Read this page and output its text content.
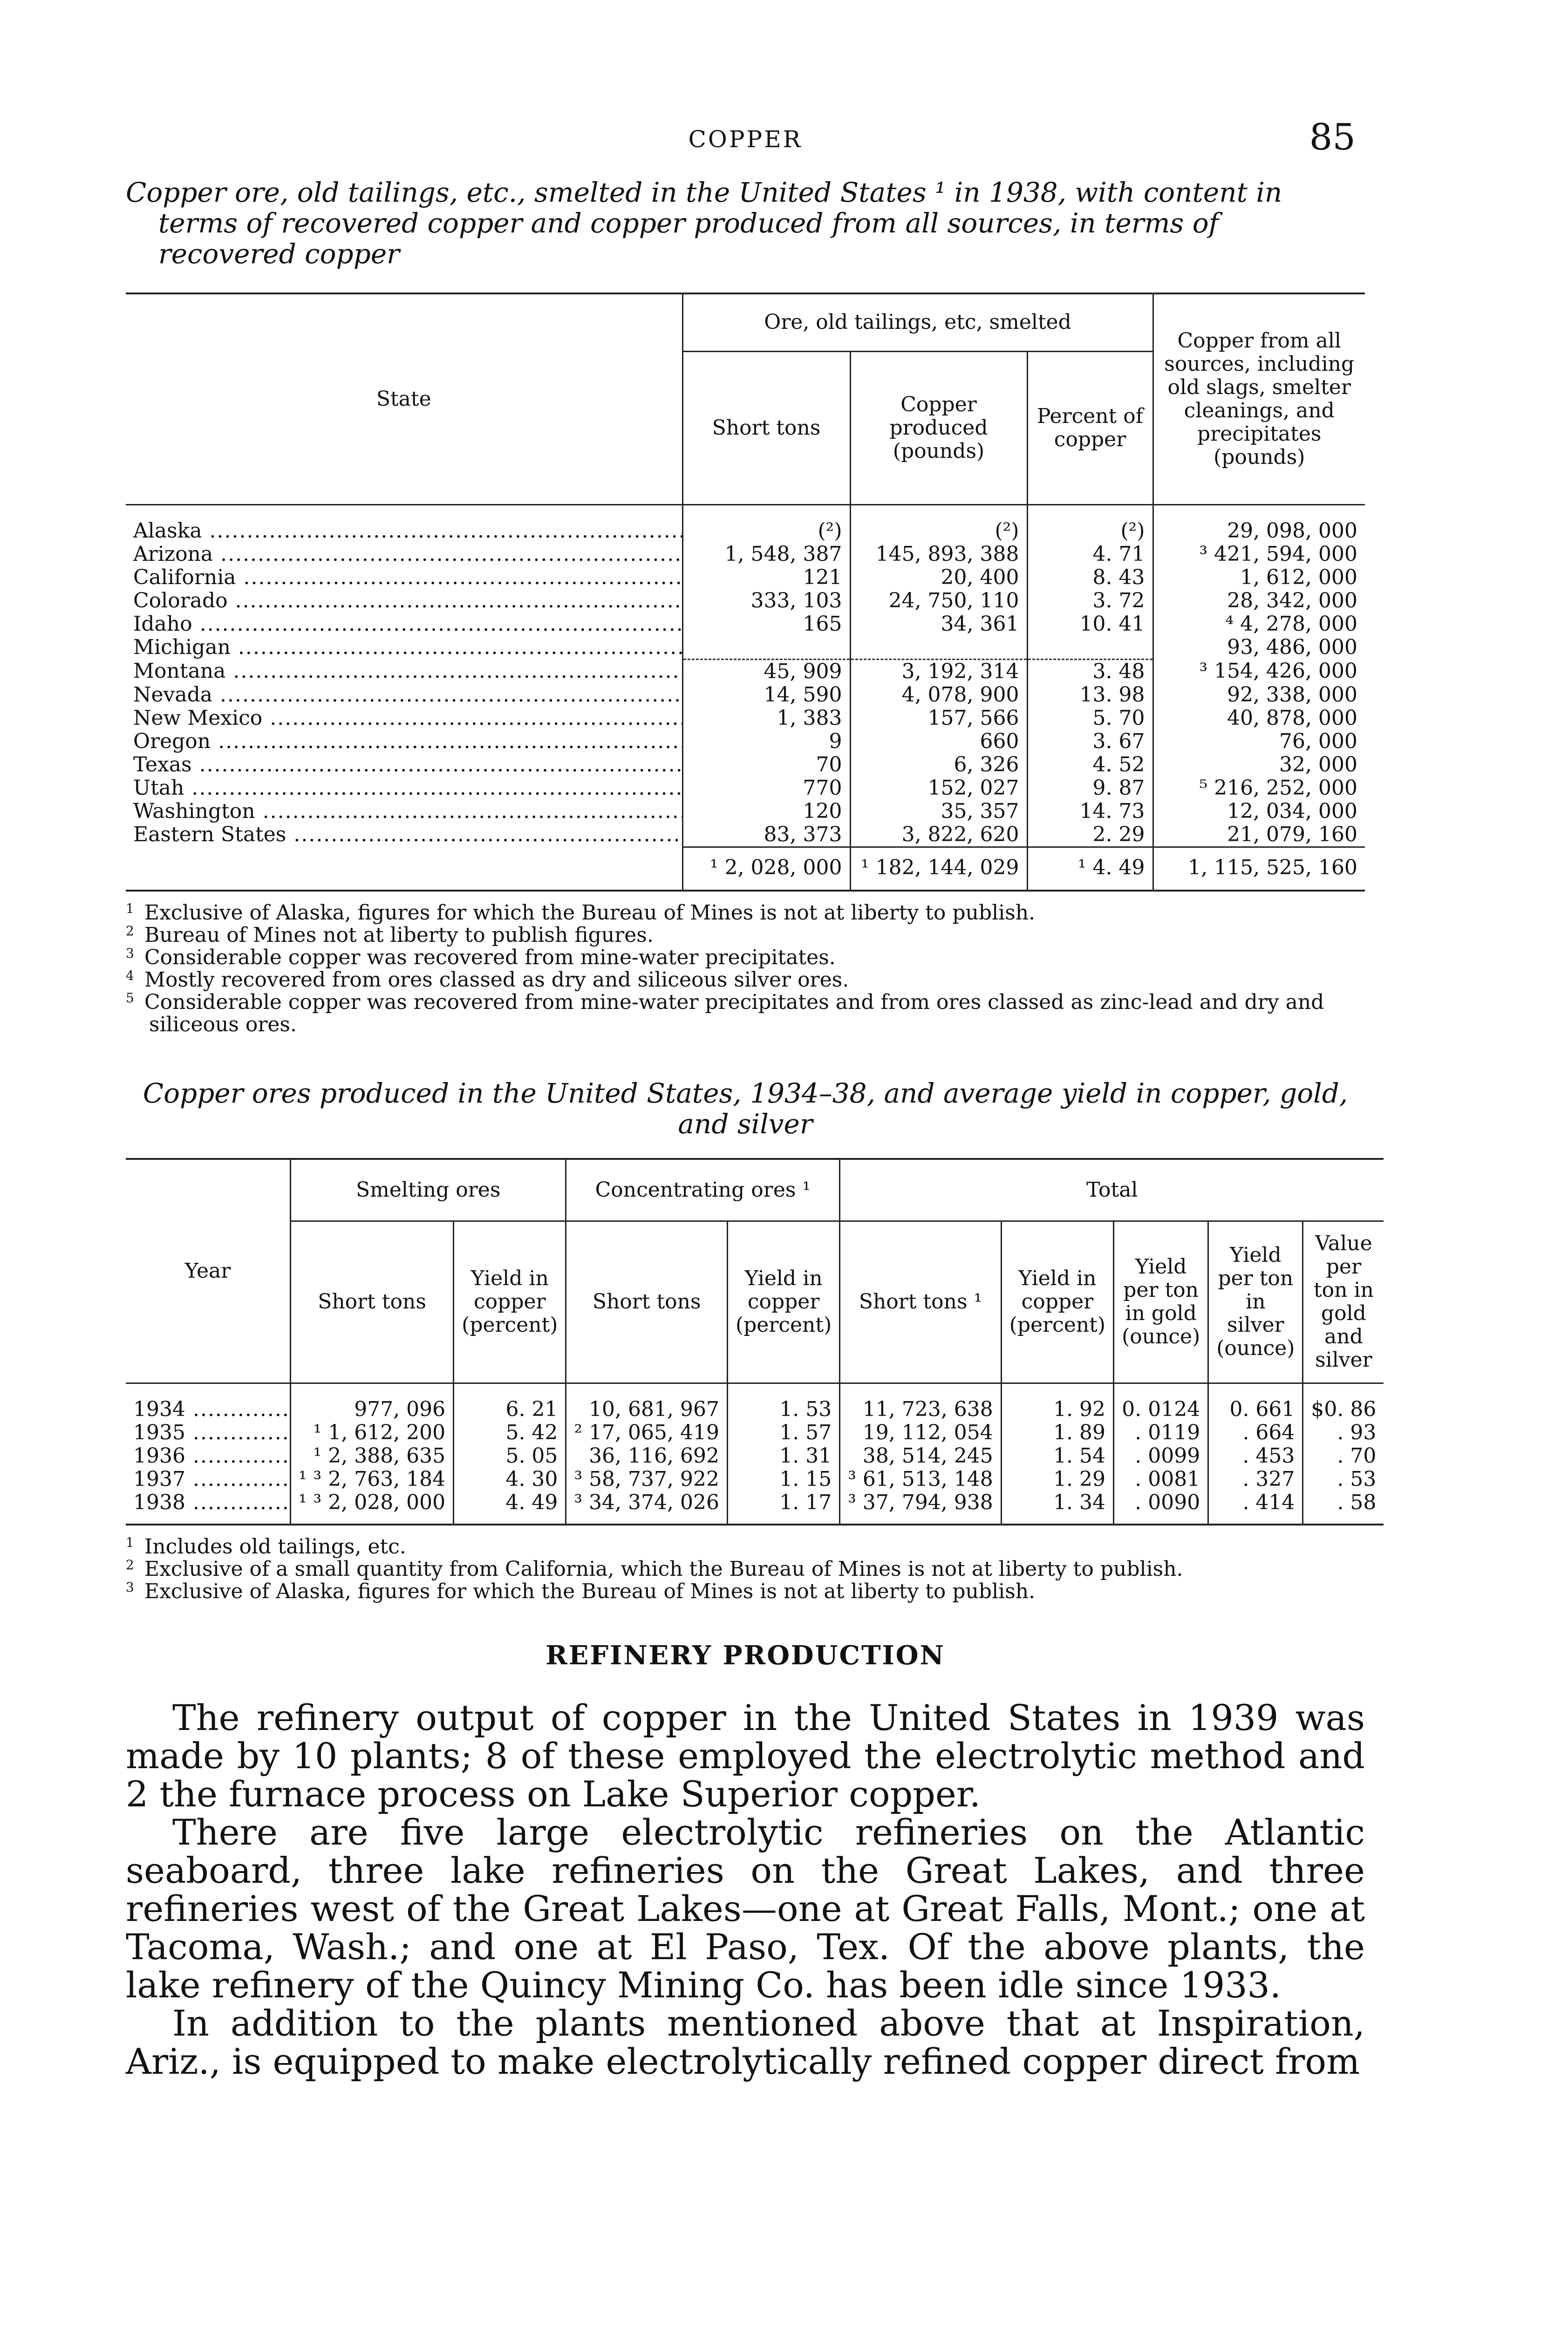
COPPER	85

Copper ore, old tailings, etc., smelted in the United States ¹ in 1938, with content in terms of recovered copper and copper produced from all sources, in terms of recovered copper

State	Ore, old tailings, etc, smelted			Copper from all sources, including old slags, smelter cleanings, and precipitates (pounds)
	Short tons	Copper produced (pounds)	Percent of copper	
Alaska .....	(²)	(²)	(²)	29, 098, 000
Arizona .....	1, 548, 387	145, 893, 388	4. 71	³ 421, 594, 000
California .....	121	20, 400	8. 43	1, 612, 000
Colorado .....	333, 103	24, 750, 110	3. 72	28, 342, 000
Idaho .....	165	34, 361	10. 41	⁴ 4, 278, 000
Michigan .....				93, 486, 000
Montana .....	45, 909	3, 192, 314	3. 48	³ 154, 426, 000
Nevada .....	14, 590	4, 078, 900	13. 98	92, 338, 000
New Mexico .....	1, 383	157, 566	5. 70	40, 878, 000
Oregon .....	9	660	3. 67	76, 000
Texas .....	70	6, 326	4. 52	32, 000
Utah .....	770	152, 027	9. 87	⁵ 216, 252, 000
Washington .....	120	35, 357	14. 73	12, 034, 000
Eastern States .....	83, 373	3, 822, 620	2. 29	21, 079, 160
	¹ 2, 028, 000	¹ 182, 144, 029	¹ 4. 49	1, 115, 525, 160

$^1$ Exclusive of Alaska, figures for which the Bureau of Mines is not at liberty to publish.

$^2$ Bureau of Mines not at liberty to publish figures.

$^3$ Considerable copper was recovered from mine-water precipitates.

$^4$ Mostly recovered from ores classed as dry and siliceous silver ores.

$^5$ Considerable copper was recovered from mine-water precipitates and from ores classed as zinc-lead and dry and siliceous ores.

Copper ores produced in the United States, 1934–38, and average yield in copper, gold, and silver

Year	Smelting ores		Concentrating ores ¹		Total				
	Short tons	Yield in copper (percent)	Short tons	Yield in copper (percent)	Short tons ¹	Yield in copper (percent)	Yield per ton in gold (ounce)	Yield per ton in silver (ounce)	Value per ton in gold and silver
1934 .....	977, 096	6. 21	10, 681, 967	1. 53	11, 723, 638	1. 92	0. 0124	0. 661	$0. 86
1935 .....	¹ 1, 612, 200	5. 42	² 17, 065, 419	1. 57	19, 112, 054	1. 89	. 0119	. 664	. 93
1936 .....	¹ 2, 388, 635	5. 05	36, 116, 692	1. 31	38, 514, 245	1. 54	. 0099	. 453	. 70
1937 .....	¹ ³ 2, 763, 184	4. 30	³ 58, 737, 922	1. 15	³ 61, 513, 148	1. 29	. 0081	. 327	. 53
1938 .....	¹ ³ 2, 028, 000	4. 49	³ 34, 374, 026	1. 17	³ 37, 794, 938	1. 34	. 0090	. 414	. 58

$^1$ Includes old tailings, etc.

$^2$ Exclusive of a small quantity from California, which the Bureau of Mines is not at liberty to publish.

$^3$ Exclusive of Alaska, figures for which the Bureau of Mines is not at liberty to publish.

REFINERY PRODUCTION

The refinery output of copper in the United States in 1939 was made by 10 plants; 8 of these employed the electrolytic method and 2 the furnace process on Lake Superior copper.

There are five large electrolytic refineries on the Atlantic seaboard, three lake refineries on the Great Lakes, and three refineries west of the Great Lakes—one at Great Falls, Mont.; one at Tacoma, Wash.; and one at El Paso, Tex. Of the above plants, the lake refinery of the Quincy Mining Co. has been idle since 1933.

In addition to the plants mentioned above that at Inspiration, Ariz., is equipped to make electrolytically refined copper direct from
